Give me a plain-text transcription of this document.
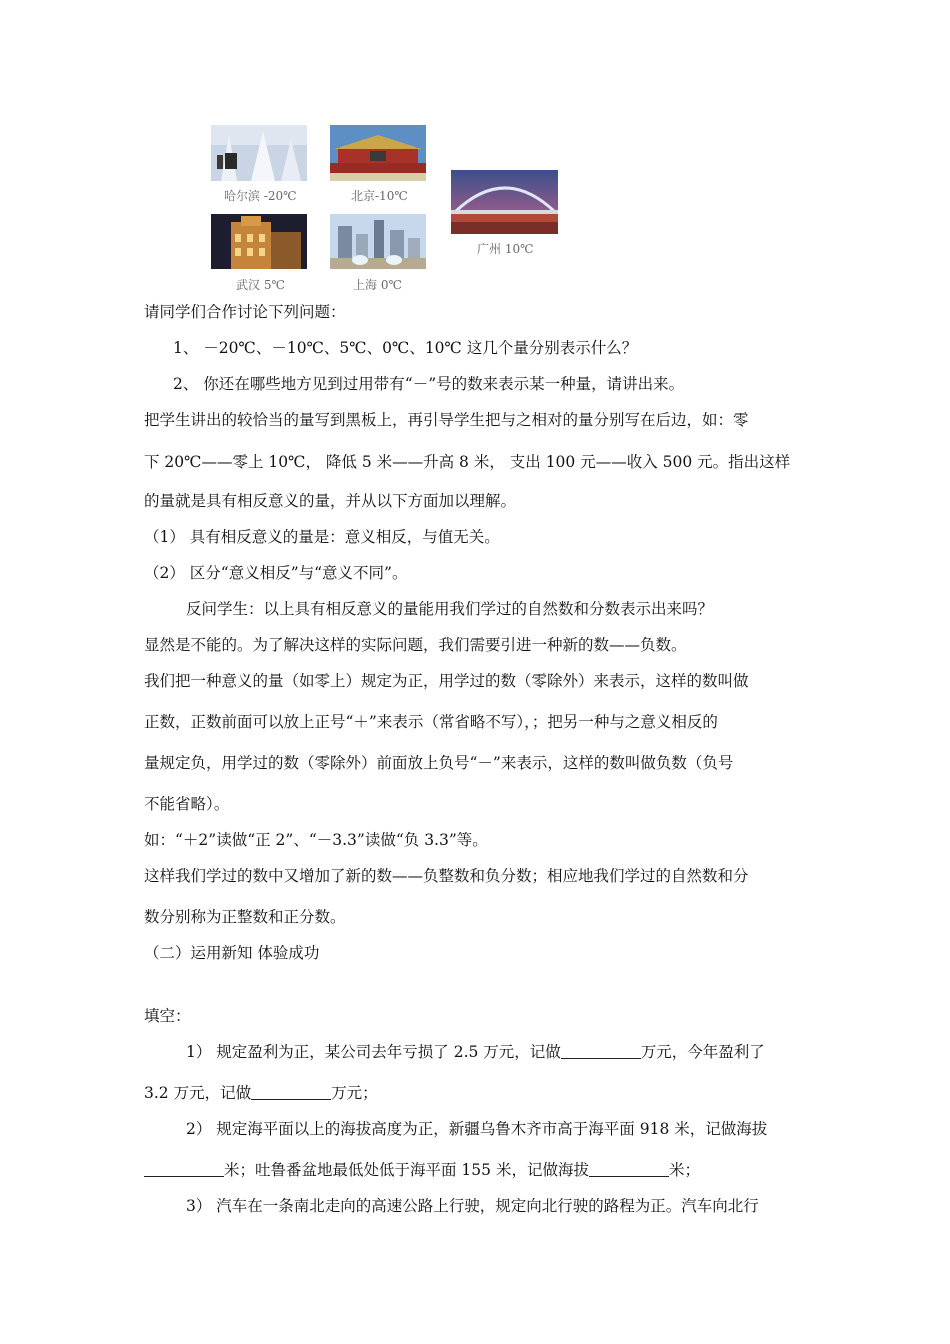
哈尔滨 -20℃	北京-10℃
广州 10℃
武汉 5℃	上海 0℃
请同学们合作讨论下列问题：
1、 －20℃、－10℃、5℃、0℃、10℃ 这几个量分别表示什么？
2、 你还在哪些地方见到过用带有“－”号的数来表示某一种量，请讲出来。
把学生讲出的较恰当的量写到黑板上，再引导学生把与之相对的量分别写在后边，如：零
下 20℃——零上 10℃， 降低 5 米——升高 8 米， 支出 100 元——收入 500 元。指出这样
的量就是具有相反意义的量，并从以下方面加以理解。
（1） 具有相反意义的量是：意义相反，与值无关。
（2） 区分“意义相反”与“意义不同”。
反问学生：以上具有相反意义的量能用我们学过的自然数和分数表示出来吗？
显然是不能的。为了解决这样的实际问题，我们需要引进一种新的数——负数。
我们把一种意义的量（如零上）规定为正，用学过的数（零除外）来表示，这样的数叫做
正数，正数前面可以放上正号“＋”来表示（常省略不写），；把另一种与之意义相反的
量规定负，用学过的数（零除外）前面放上负号“－”来表示，这样的数叫做负数（负号
不能省略）。
如：“＋2”读做“正 2”、“－3.3”读做“负 3.3”等。
这样我们学过的数中又增加了新的数——负整数和负分数；相应地我们学过的自然数和分
数分别称为正整数和正分数。
（二）运用新知 体验成功
填空：
1） 规定盈利为正，某公司去年亏损了 2.5 万元，记做	万元，今年盈利了
3.2 万元，记做	万元；
2） 规定海平面以上的海拔高度为正，新疆乌鲁木齐市高于海平面 918 米，记做海拔
米；吐鲁番盆地最低处低于海平面 155 米，记做海拔	米；
3） 汽车在一条南北走向的高速公路上行驶，规定向北行驶的路程为正。汽车向北行
